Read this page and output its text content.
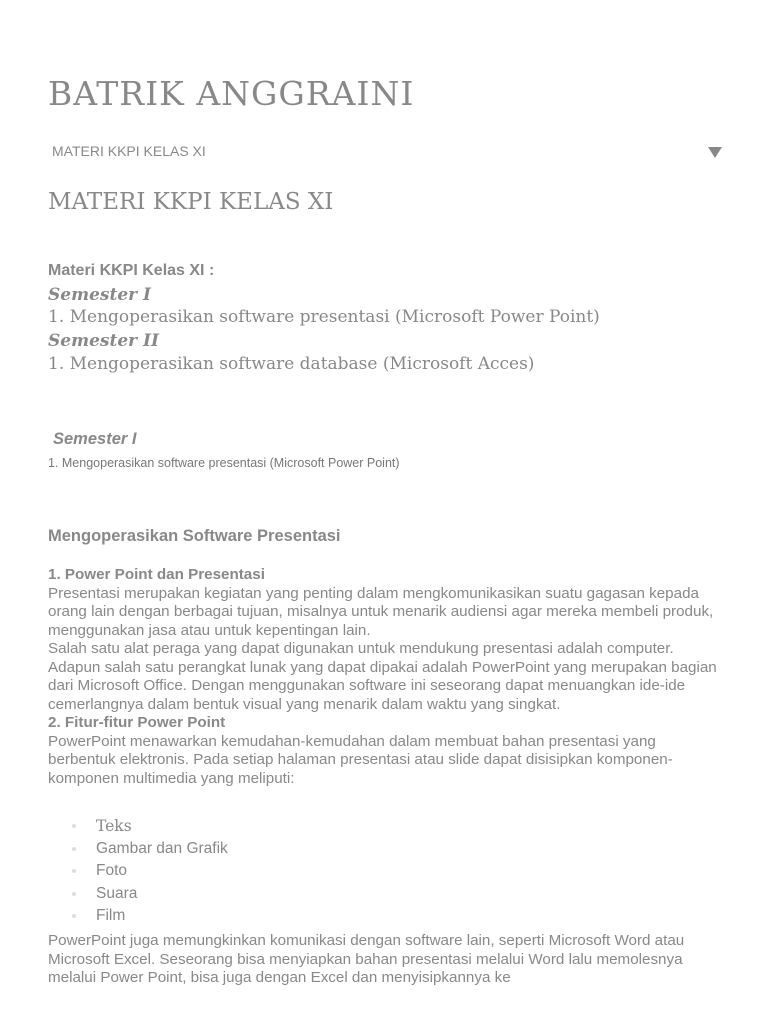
BATRIK ANGGRAINI
MATERI KKPI KELAS XI
MATERI KKPI KELAS XI

Materi KKPI Kelas XI :

Semester I

1. Mengoperasikan software presentasi (Microsoft Power Point)

Semester II

1. Mengoperasikan software database (Microsoft Acces)

Semester I

1. Mengoperasikan software presentasi (Microsoft Power Point)

Mengoperasikan Software Presentasi

1. Power Point dan Presentasi
Presentasi merupakan kegiatan yang penting dalam mengkomunikasikan suatu gagasan kepada orang lain dengan berbagai tujuan, misalnya untuk menarik audiensi agar mereka membeli produk, menggunakan jasa atau untuk kepentingan lain.
Salah satu alat peraga yang dapat digunakan untuk mendukung presentasi adalah computer. Adapun salah satu perangkat lunak yang dapat dipakai adalah PowerPoint yang merupakan bagian dari Microsoft Office. Dengan menggunakan software ini seseorang dapat menuangkan ide-ide cemerlangnya dalam bentuk visual yang menarik dalam waktu yang singkat.
2. Fitur-fitur Power Point
PowerPoint menawarkan kemudahan-kemudahan dalam membuat bahan presentasi yang berbentuk elektronis. Pada setiap halaman presentasi atau slide dapat disisipkan komponen-komponen multimedia yang meliputi:
Teks
Gambar dan Grafik
Foto
Suara
Film
PowerPoint juga memungkinkan komunikasi dengan software lain, seperti Microsoft Word atau Microsoft Excel. Seseorang bisa menyiapkan bahan presentasi melalui Word lalu memolesnya melalui Power Point, bisa juga dengan Excel dan menyisipkannya ke
